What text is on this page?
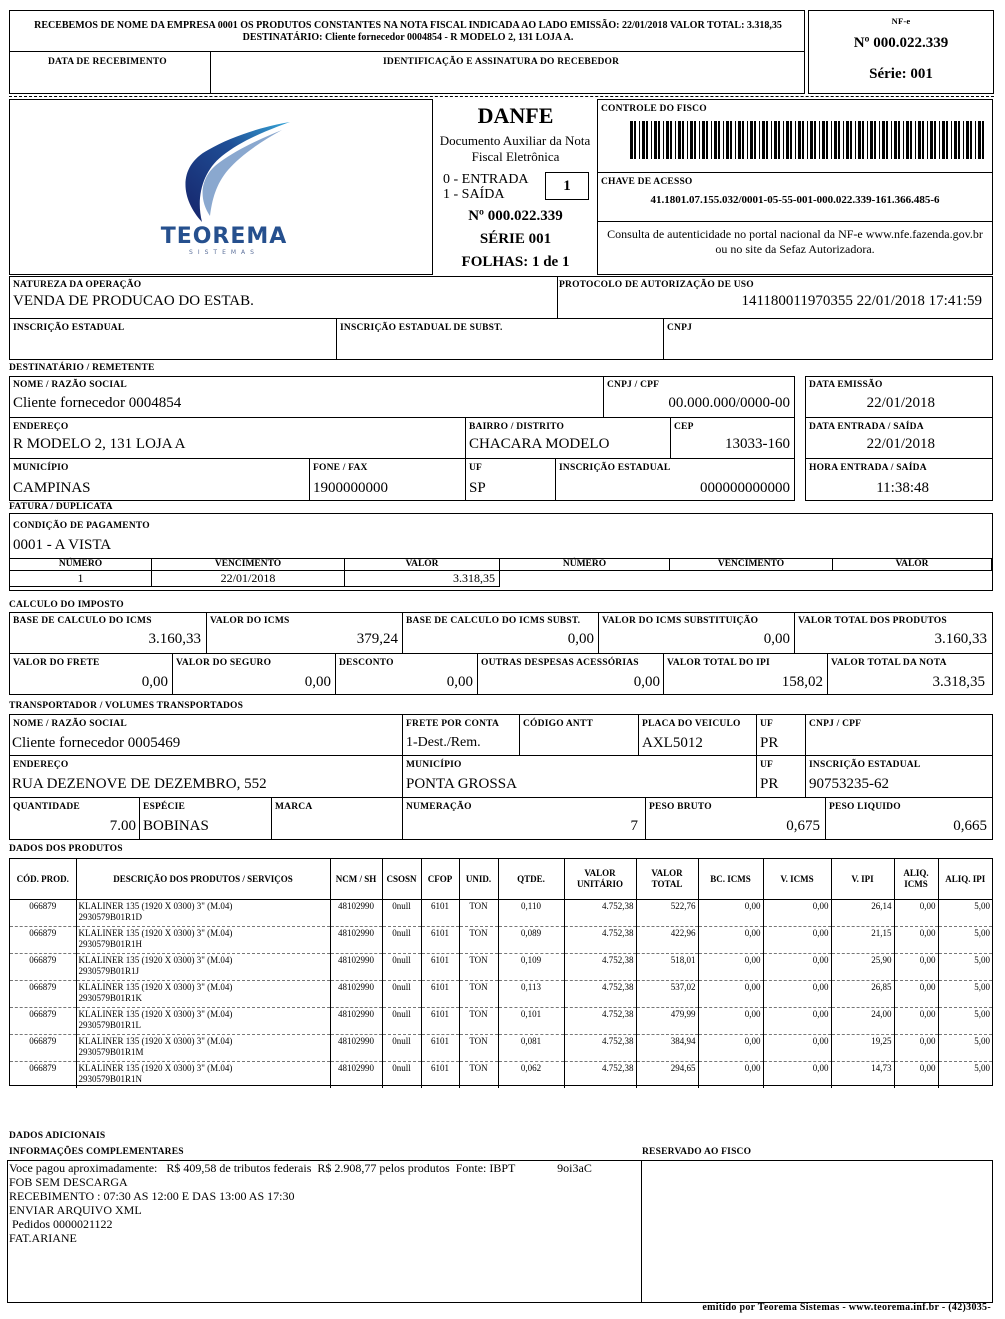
RECEBEMOS DE NOME DA EMPRESA 0001 OS PRODUTOS CONSTANTES NA NOTA FISCAL INDICADA AO LADO EMISSÃO: 22/01/2018 VALOR TOTAL: 3.318,35 DESTINATÁRIO: Cliente fornecedor 0004854 - R MODELO 2, 131 LOJA A.
DATA DE RECEBIMENTO	IDENTIFICAÇÃO E ASSINATURA DO RECEBEDOR
NF-e
Nº 000.022.339
Série: 001
TEOREMA
SISTEMAS
DANFE
Documento Auxiliar da Nota
Fiscal Eletrônica
0 - ENTRADA
1 - SAÍDA
1
Nº 000.022.339
SÉRIE 001
FOLHAS: 1 de 1
CONTROLE DO FISCO
CHAVE DE ACESSO
41.1801.07.155.032/0001-05-55-001-000.022.339-161.366.485-6
Consulta de autenticidade no portal nacional da NF-e www.nfe.fazenda.gov.br
ou no site da Sefaz Autorizadora.
NATUREZA DA OPERAÇÃO
VENDA DE PRODUCAO DO ESTAB.
PROTOCOLO DE AUTORIZAÇÃO DE USO
141180011970355 22/01/2018 17:41:59
INSCRIÇÃO ESTADUAL	INSCRIÇÃO ESTADUAL DE SUBST.	CNPJ
DESTINATÁRIO / REMETENTE
NOME / RAZÃO SOCIAL
Cliente fornecedor 0004854
CNPJ / CPF
00.000.000/0000-00
DATA EMISSÃO
22/01/2018
ENDEREÇO
R MODELO 2, 131 LOJA A
BAIRRO / DISTRITO
CHACARA MODELO
CEP
13033-160
DATA ENTRADA / SAÍDA
22/01/2018
MUNICÍPIO
CAMPINAS
FONE / FAX
1900000000
UF
SP
INSCRIÇÃO ESTADUAL
000000000000
HORA ENTRADA / SAÍDA
11:38:48
FATURA / DUPLICATA
CONDIÇÃO DE PAGAMENTO
0001 - A VISTA
NÚMERO	VENCIMENTO	VALOR	NÚMERO	VENCIMENTO	VALOR
1	22/01/2018	3.318,35			
CALCULO DO IMPOSTO
BASE DE CALCULO DO ICMS
3.160,33
VALOR DO ICMS
379,24
BASE DE CALCULO DO ICMS SUBST.
0,00
VALOR DO ICMS SUBSTITUIÇÃO
0,00
VALOR TOTAL DOS PRODUTOS
3.160,33
VALOR DO FRETE
0,00
VALOR DO SEGURO
0,00
DESCONTO
0,00
OUTRAS DESPESAS ACESSÓRIAS
0,00
VALOR TOTAL DO IPI
158,02
VALOR TOTAL DA NOTA
3.318,35
TRANSPORTADOR / VOLUMES TRANSPORTADOS
NOME / RAZÃO SOCIAL
Cliente fornecedor 0005469
FRETE POR CONTA
1-Dest./Rem.
CÓDIGO ANTT	PLACA DO VEICULO
AXL5012
UF
PR
CNPJ / CPF
ENDEREÇO
RUA DEZENOVE DE DEZEMBRO, 552
MUNICÍPIO
PONTA GROSSA
UF
PR
INSCRIÇÃO ESTADUAL
90753235-62
QUANTIDADE
7.00
ESPÉCIE
BOBINAS
MARCA	NUMERAÇÃO
7
PESO BRUTO
0,675
PESO LIQUIDO
0,665
DADOS DOS PRODUTOS
CÓD. PROD.	DESCRIÇÃO DOS PRODUTOS / SERVIÇOS	NCM / SH	CSOSN	CFOP	UNID.	QTDE.	VALOR UNITÁRIO	VALOR TOTAL	BC. ICMS	V. ICMS	V. IPI	ALIQ. ICMS	ALIQ. IPI
066879	KLALINER 135 (1920 X 0300) 3" (M.04)
2930579B01R1D	48102990	0null	6101	TON	0,110	4.752,38	522,76	0,00	0,00	26,14	0,00	5,00
066879	KLALINER 135 (1920 X 0300) 3" (M.04)
2930579B01R1H	48102990	0null	6101	TON	0,089	4.752,38	422,96	0,00	0,00	21,15	0,00	5,00
066879	KLALINER 135 (1920 X 0300) 3" (M.04)
2930579B01R1J	48102990	0null	6101	TON	0,109	4.752,38	518,01	0,00	0,00	25,90	0,00	5,00
066879	KLALINER 135 (1920 X 0300) 3" (M.04)
2930579B01R1K	48102990	0null	6101	TON	0,113	4.752,38	537,02	0,00	0,00	26,85	0,00	5,00
066879	KLALINER 135 (1920 X 0300) 3" (M.04)
2930579B01R1L	48102990	0null	6101	TON	0,101	4.752,38	479,99	0,00	0,00	24,00	0,00	5,00
066879	KLALINER 135 (1920 X 0300) 3" (M.04)
2930579B01R1M	48102990	0null	6101	TON	0,081	4.752,38	384,94	0,00	0,00	19,25	0,00	5,00
066879	KLALINER 135 (1920 X 0300) 3" (M.04)
2930579B01R1N	48102990	0null	6101	TON	0,062	4.752,38	294,65	0,00	0,00	14,73	0,00	5,00
DADOS ADICIONAIS
INFORMAÇÕES COMPLEMENTARES	RESERVADO AO FISCO
Voce pagou aproximadamente:   R$ 409,58 de tributos federais  R$ 2.908,77 pelos produtos  Fonte: IBPT              9oi3aC
FOB SEM DESCARGA
RECEBIMENTO : 07:30 AS 12:00 E DAS 13:00 AS 17:30
ENVIAR ARQUIVO XML
Pedidos 0000021122
FAT.ARIANE
emitido por Teorema Sistemas - www.teorema.inf.br - (42)3035-
